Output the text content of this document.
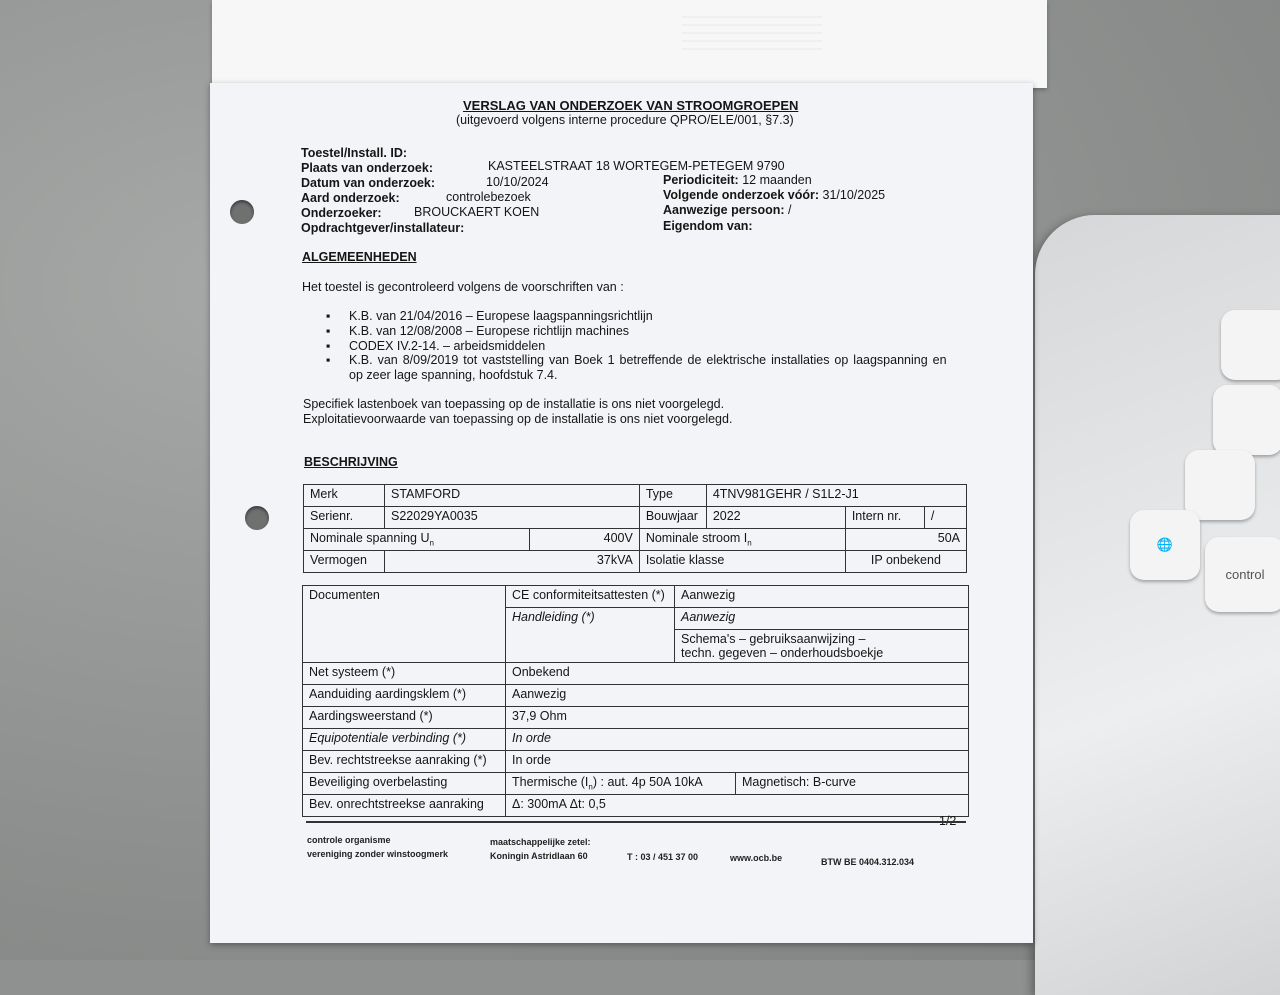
🌐
control
VERSLAG VAN ONDERZOEK VAN STROOMGROEPEN
(uitgevoerd volgens interne procedure QPRO/ELE/001, §7.3)
Toestel/Install. ID:
Plaats van onderzoek:	KASTEELSTRAAT 18 WORTEGEM-PETEGEM 9790
Datum van onderzoek:	10/10/2024
Aard onderzoek:	controlebezoek
Onderzoeker:	BROUCKAERT KOEN
Opdrachtgever/installateur:
Periodiciteit: 12 maanden
Volgende onderzoek vóór: 31/10/2025
Aanwezige persoon: /
Eigendom van:
ALGEMEENHEDEN
Het toestel is gecontroleerd volgens de voorschriften van :
▪ K.B. van 21/04/2016 – Europese laagspanningsrichtlijn
▪ K.B. van 12/08/2008 – Europese richtlijn machines
▪ CODEX IV.2-14. – arbeidsmiddelen
▪ K.B. van 8/09/2019 tot vaststelling van Boek 1 betreffende de elektrische installaties op laagspanning en
op zeer lage spanning, hoofdstuk 7.4.
Specifiek lastenboek van toepassing op de installatie is ons niet voorgelegd.
Exploitatievoorwaarde van toepassing op de installatie is ons niet voorgelegd.
BESCHRIJVING
Merk	STAMFORD		Type	4TNV981GEHR / S1L2-J1		
Serienr.	S22029YA0035		Bouwjaar	2022	Intern nr.	/
Nominale spanning $U_n$		400V	Nominale stroom $I_n$		50A	
Vermogen	37kVA		Isolatie klasse		IP onbekend	
Documenten	CE conformiteitsattesten (*)	Aanwezig	
	Handleiding (*)	Aanwezig	
		Schema's – gebruiksaanwijzing –
techn. gegeven – onderhoudsboekje	
Net systeem (*)	Onbekend		
Aanduiding aardingsklem (*)	Aanwezig		
Aardingsweerstand (*)	37,9 Ohm		
Equipotentiale verbinding (*)	In orde		
Bev. rechtstreekse aanraking (*)	In orde		
Beveiliging overbelasting	Thermische $(I_n)$ : aut. 4p 50A 10kA		Magnetisch: B-curve
Bev. onrechtstreekse aanraking	Δ: 300mA Δt: 0,5		
controle organisme
vereniging zonder winstoogmerk
maatschappelijke zetel:
Koningin Astridlaan 60	T : 03 / 451 37 00	www.ocb.be	BTW BE 0404.312.034
